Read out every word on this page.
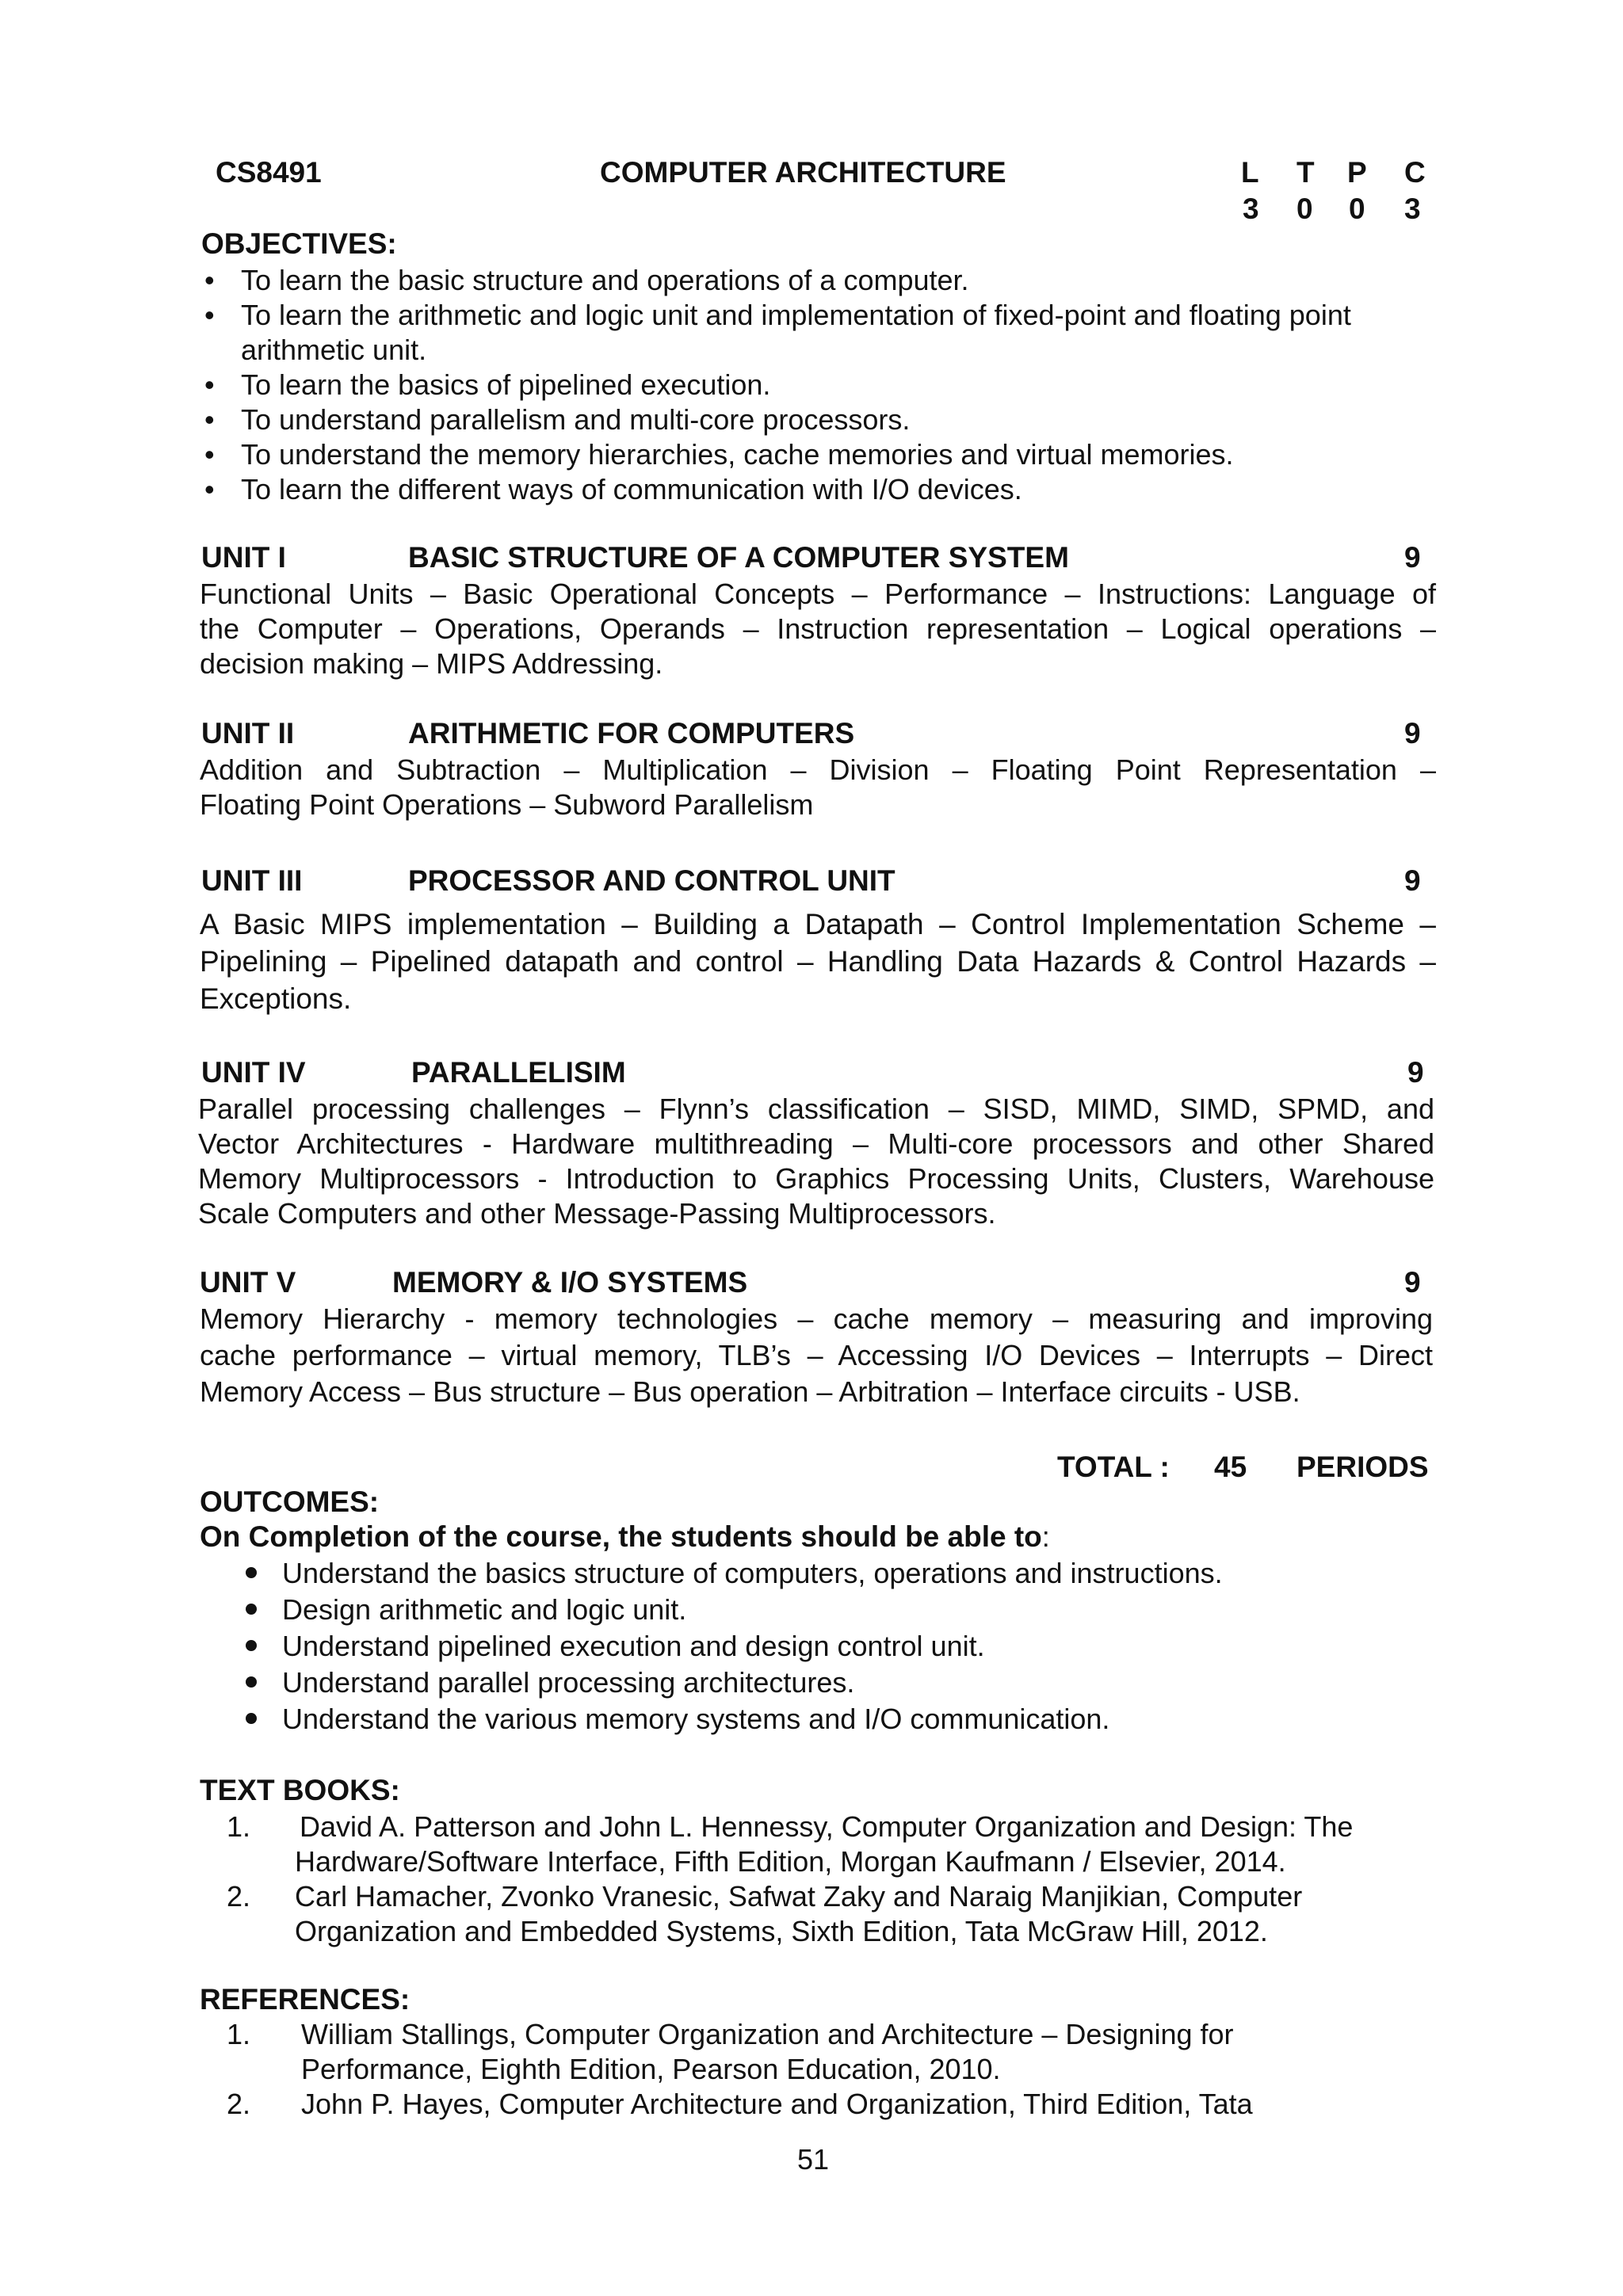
CS8491	COMPUTER ARCHITECTURE	L T P C
3 0 0 3
OBJECTIVES:
• To learn the basic structure and operations of a computer.
• To learn the arithmetic and logic unit and implementation of fixed-point and floating point arithmetic unit.
• To learn the basics of pipelined execution.
• To understand parallelism and multi-core processors.
• To understand the memory hierarchies, cache memories and virtual memories.
• To learn the different ways of communication with I/O devices.
UNIT I	BASIC STRUCTURE OF A COMPUTER SYSTEM	9
Functional Units – Basic Operational Concepts – Performance – Instructions: Language of
the Computer – Operations, Operands – Instruction representation – Logical operations –
decision making – MIPS Addressing.
UNIT II	ARITHMETIC FOR COMPUTERS	9
Addition and Subtraction – Multiplication – Division – Floating Point Representation –
Floating Point Operations – Subword Parallelism
UNIT III	PROCESSOR AND CONTROL UNIT	9
A Basic MIPS implementation – Building a Datapath – Control Implementation Scheme –
Pipelining – Pipelined datapath and control – Handling Data Hazards & Control Hazards –
Exceptions.
UNIT IV	PARALLELISIM	9
Parallel processing challenges – Flynn’s classification – SISD, MIMD, SIMD, SPMD, and
Vector Architectures - Hardware multithreading – Multi-core processors and other Shared
Memory Multiprocessors - Introduction to Graphics Processing Units, Clusters, Warehouse
Scale Computers and other Message-Passing Multiprocessors.
UNIT V	MEMORY & I/O SYSTEMS	9
Memory Hierarchy - memory technologies – cache memory – measuring and improving
cache performance – virtual memory, TLB’s – Accessing I/O Devices – Interrupts – Direct
Memory Access – Bus structure – Bus operation – Arbitration – Interface circuits - USB.
TOTAL : 45 PERIODS
OUTCOMES:
On Completion of the course, the students should be able to:
Understand the basics structure of computers, operations and instructions.
Design arithmetic and logic unit.
Understand pipelined execution and design control unit.
Understand parallel processing architectures.
Understand the various memory systems and I/O communication.
TEXT BOOKS:
1. David A. Patterson and John L. Hennessy, Computer Organization and Design: The
Hardware/Software Interface, Fifth Edition, Morgan Kaufmann / Elsevier, 2014.
2. Carl Hamacher, Zvonko Vranesic, Safwat Zaky and Naraig Manjikian, Computer
Organization and Embedded Systems, Sixth Edition, Tata McGraw Hill, 2012.
REFERENCES:
1. William Stallings, Computer Organization and Architecture – Designing for
Performance, Eighth Edition, Pearson Education, 2010.
2. John P. Hayes, Computer Architecture and Organization, Third Edition, Tata
51
